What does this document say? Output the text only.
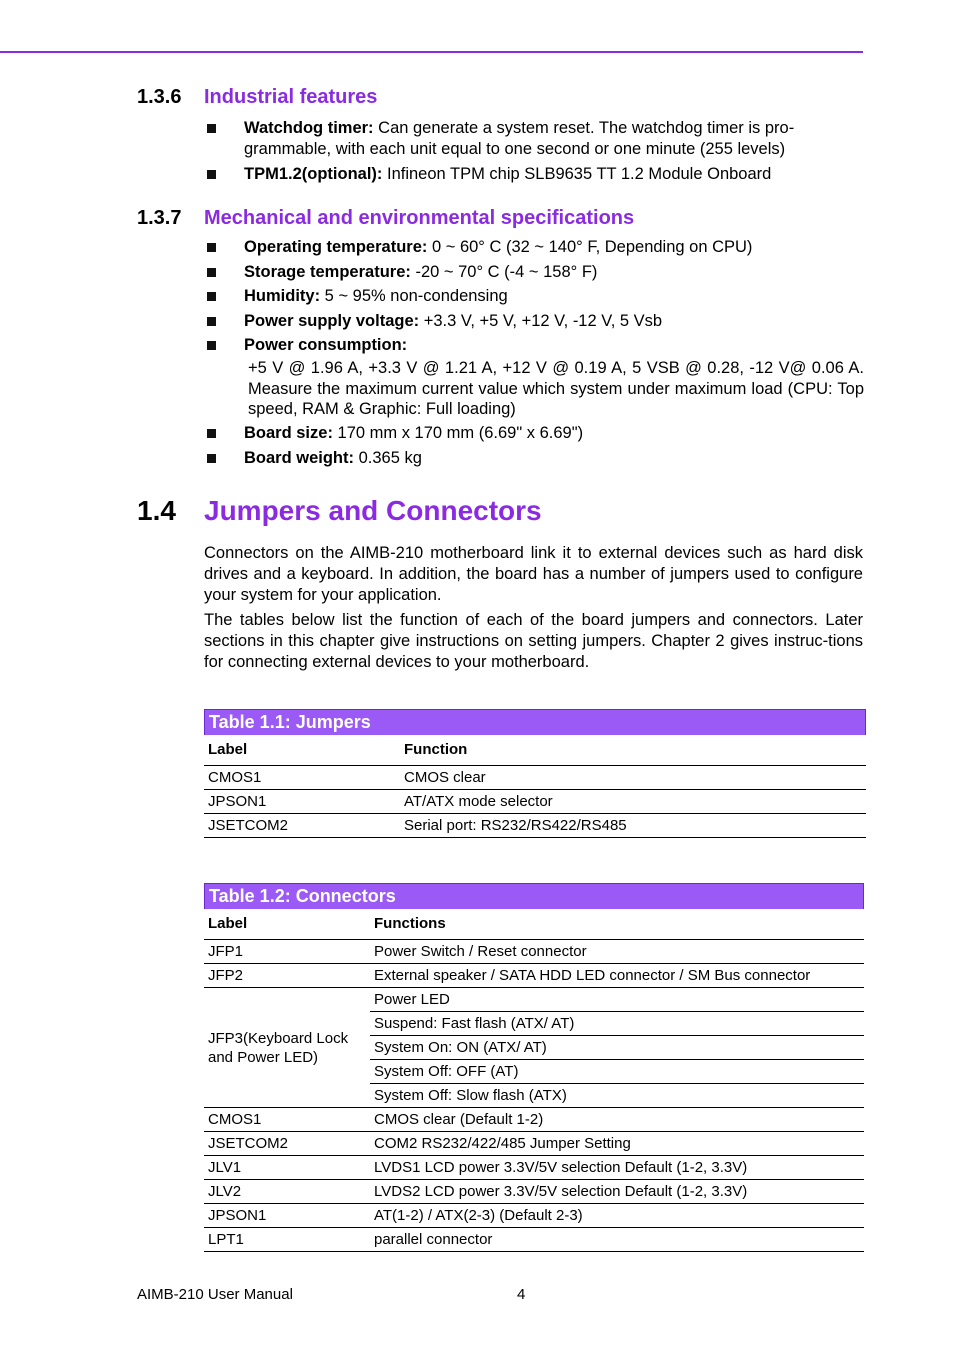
1.3.6 Industrial features
Watchdog timer: Can generate a system reset. The watchdog timer is pro-grammable, with each unit equal to one second or one minute (255 levels)
TPM1.2(optional): Infineon TPM chip SLB9635 TT 1.2 Module Onboard
1.3.7 Mechanical and environmental specifications
Operating temperature: 0 ~ 60° C (32 ~ 140° F, Depending on CPU)
Storage temperature: -20 ~ 70° C (-4 ~ 158° F)
Humidity: 5 ~ 95% non-condensing
Power supply voltage: +3.3 V, +5 V, +12 V, -12 V, 5 Vsb
Power consumption:
+5 V @ 1.96 A, +3.3 V @ 1.21 A, +12 V @ 0.19 A, 5 VSB @ 0.28, -12 V@ 0.06 A. Measure the maximum current value which system under maximum load (CPU: Top speed, RAM & Graphic: Full loading)
Board size: 170 mm x 170 mm (6.69" x 6.69")
Board weight: 0.365 kg
1.4 Jumpers and Connectors

Connectors on the AIMB-210 motherboard link it to external devices such as hard disk drives and a keyboard. In addition, the board has a number of jumpers used to configure your system for your application.

The tables below list the function of each of the board jumpers and connectors. Later sections in this chapter give instructions on setting jumpers. Chapter 2 gives instruc-tions for connecting external devices to your motherboard.

Table 1.1: Jumpers
Label	Function
CMOS1	CMOS clear
JPSON1	AT/ATX mode selector
JSETCOM2	Serial port: RS232/RS422/RS485
Table 1.2: Connectors
Label	Functions
JFP1	Power Switch / Reset connector
JFP2	External speaker / SATA HDD LED connector / SM Bus connector
JFP3(Keyboard Lock and Power LED)	Power LED
	Suspend: Fast flash (ATX/ AT)
	System On: ON (ATX/ AT)
	System Off: OFF (AT)
	System Off: Slow flash (ATX)
CMOS1	CMOS clear (Default 1-2)
JSETCOM2	COM2 RS232/422/485 Jumper Setting
JLV1	LVDS1 LCD power 3.3V/5V selection Default (1-2, 3.3V)
JLV2	LVDS2 LCD power 3.3V/5V selection Default (1-2, 3.3V)
JPSON1	AT(1-2) / ATX(2-3) (Default 2-3)
LPT1	parallel connector
AIMB-210 User Manual	4
